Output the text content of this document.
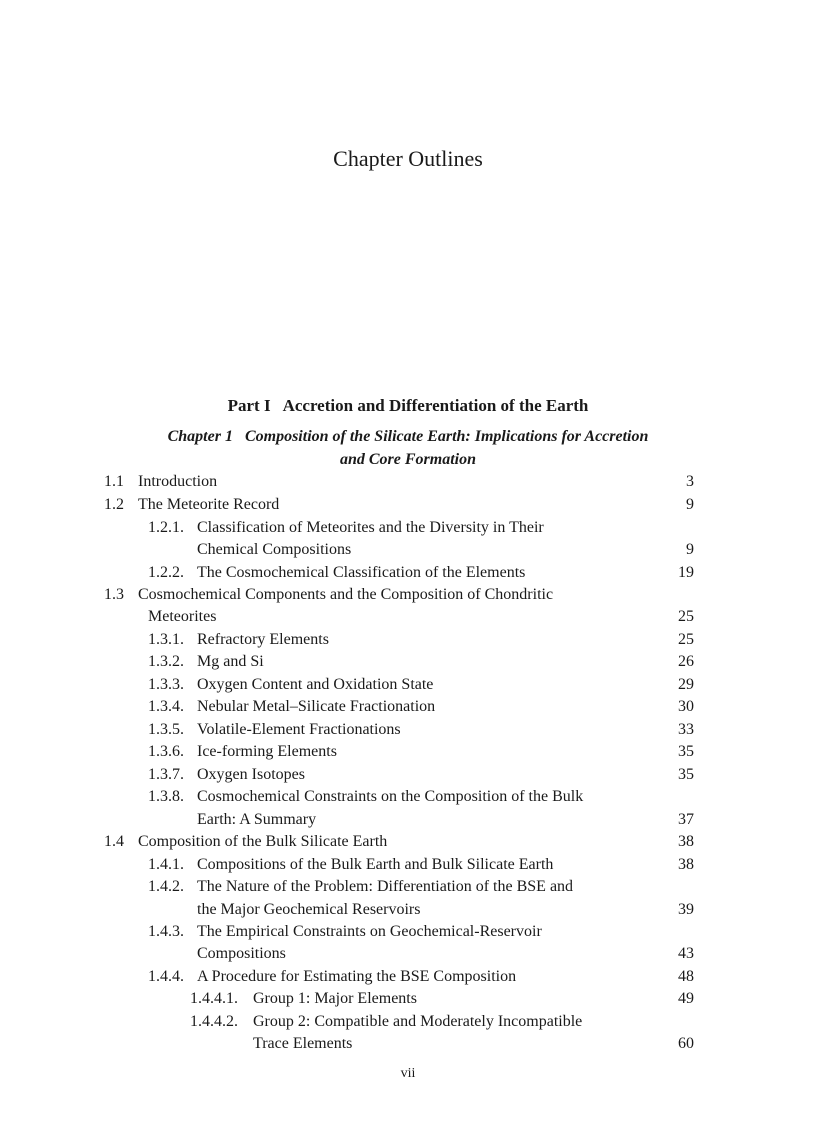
Chapter Outlines
Part I Accretion and Differentiation of the Earth
Chapter 1 Composition of the Silicate Earth: Implications for Accretion
and Core Formation
1.1 Introduction	3
1.2 The Meteorite Record	9
1.2.1. Classification of Meteorites and the Diversity in Their
Chemical Compositions	9
1.2.2. The Cosmochemical Classification of the Elements	19
1.3 Cosmochemical Components and the Composition of Chondritic
Meteorites	25
1.3.1. Refractory Elements	25
1.3.2. Mg and Si	26
1.3.3. Oxygen Content and Oxidation State	29
1.3.4. Nebular Metal–Silicate Fractionation	30
1.3.5. Volatile-Element Fractionations	33
1.3.6. Ice-forming Elements	35
1.3.7. Oxygen Isotopes	35
1.3.8. Cosmochemical Constraints on the Composition of the Bulk
Earth: A Summary	37
1.4 Composition of the Bulk Silicate Earth	38
1.4.1. Compositions of the Bulk Earth and Bulk Silicate Earth	38
1.4.2. The Nature of the Problem: Differentiation of the BSE and
the Major Geochemical Reservoirs	39
1.4.3. The Empirical Constraints on Geochemical-Reservoir
Compositions	43
1.4.4. A Procedure for Estimating the BSE Composition	48
1.4.4.1. Group 1: Major Elements	49
1.4.4.2. Group 2: Compatible and Moderately Incompatible
Trace Elements	60
vii
